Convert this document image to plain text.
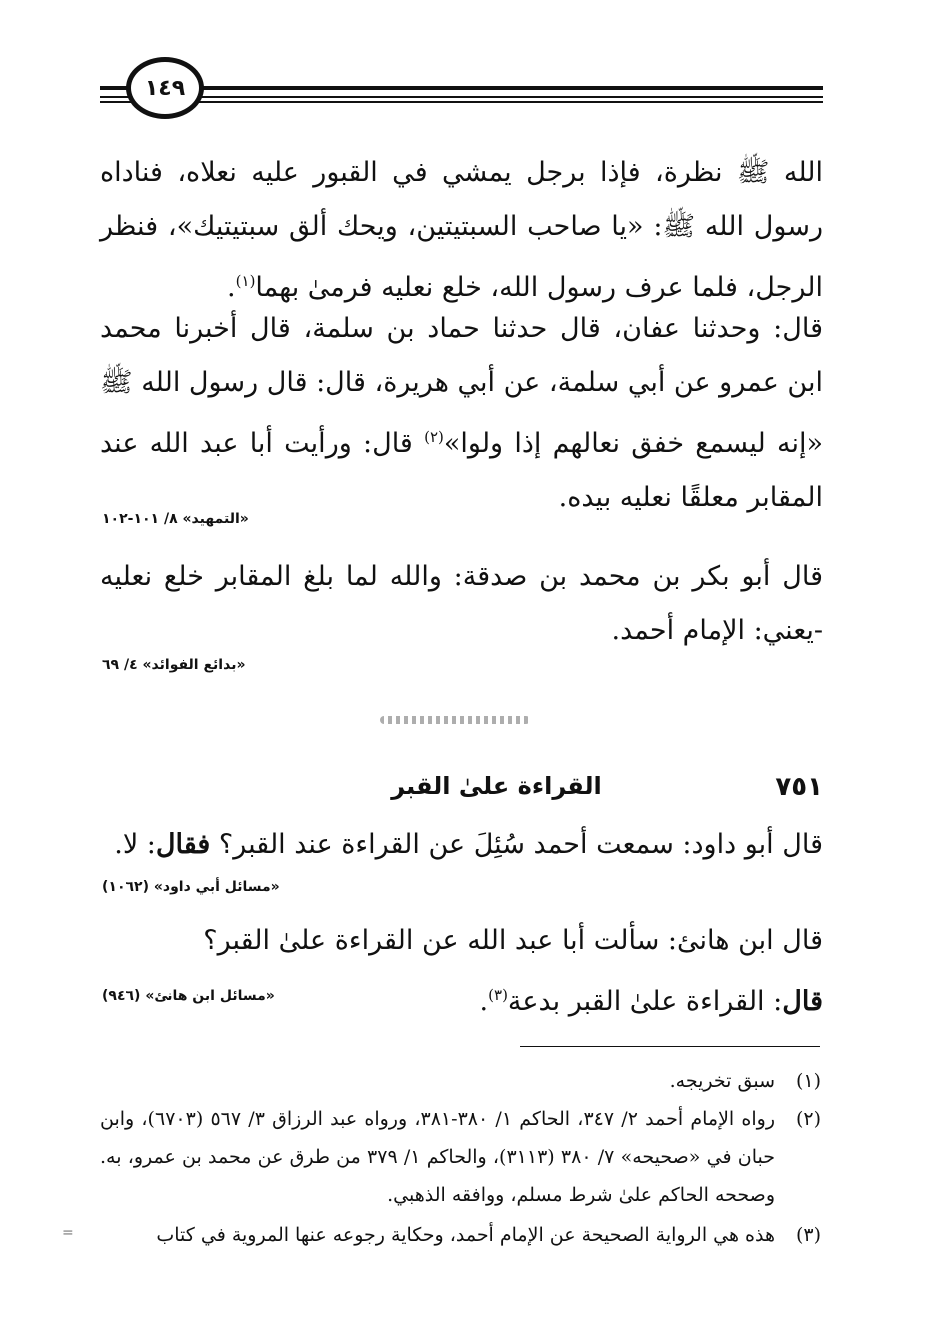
١٤٩
الله ﷺ نظرة، فإذا برجل يمشي في القبور عليه نعلاه، فناداه رسول الله ﷺ: «يا صاحب السبتيتين، ويحك ألق سبتيتيك»، فنظر الرجل، فلما عرف رسول الله، خلع نعليه فرمىٰ بهما$^{(١)}$.
قال: وحدثنا عفان، قال حدثنا حماد بن سلمة، قال أخبرنا محمد ابن عمرو عن أبي سلمة، عن أبي هريرة، قال: قال رسول الله ﷺ «إنه ليسمع خفق نعالهم إذا ولوا»$^{(٢)}$ قال: ورأيت أبا عبد الله عند المقابر معلقًا نعليه بيده.
«التمهيد» ٨/ ١٠١-١٠٢
قال أبو بكر بن محمد بن صدقة: والله لما بلغ المقابر خلع نعليه -يعني: الإمام أحمد.
«بدائع الفوائد» ٤/ ٦٩
٧٥١
القراءة علىٰ القبر
قال أبو داود: سمعت أحمد سُئِلَ عن القراءة عند القبر؟ فقال: لا.
«مسائل أبي داود» (١٠٦٢)
قال ابن هانئ: سألت أبا عبد الله عن القراءة علىٰ القبر؟
قال: القراءة علىٰ القبر بدعة$^{(٣)}$.
«مسائل ابن هانئ» (٩٤٦)
(١)
سبق تخريجه.
(٢)
رواه الإمام أحمد ٢/ ٣٤٧، الحاكم ١/ ٣٨٠-٣٨١، ورواه عبد الرزاق ٣/ ٥٦٧ (٦٧٠٣)، وابن حبان في «صحيحه» ٧/ ٣٨٠ (٣١١٣)، والحاكم ١/ ٣٧٩ من طرق عن محمد بن عمرو، به. وصححه الحاكم علىٰ شرط مسلم، ووافقه الذهبي.
(٣)
هذه هي الرواية الصحيحة عن الإمام أحمد، وحكاية رجوعه عنها المروية في كتاب
=
